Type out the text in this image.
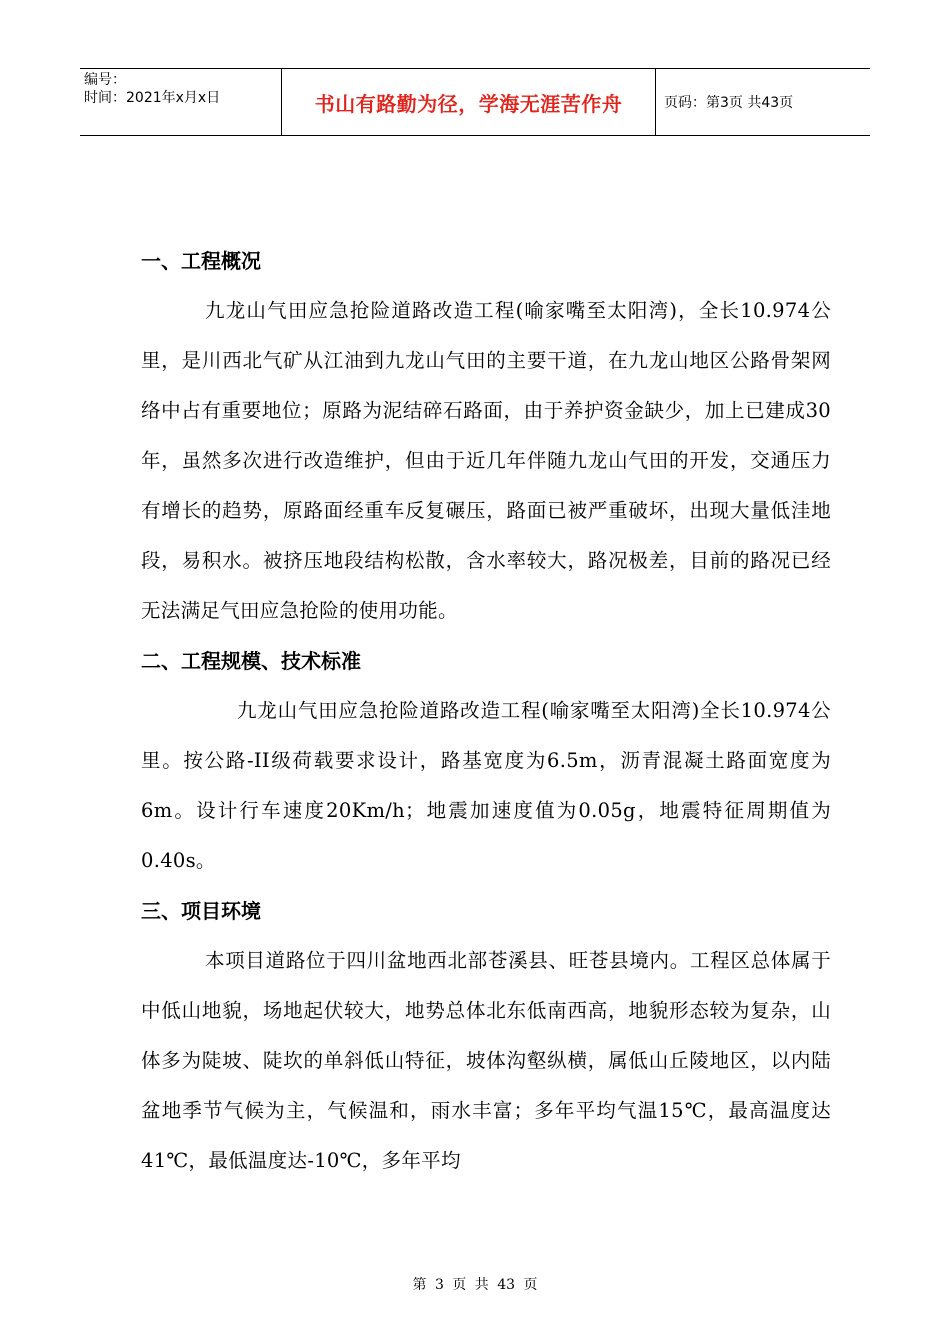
编号：
时间：2021年x月x日	书山有路勤为径，学海无涯苦作舟	页码：第3页 共43页
一、工程概况

九龙山气田应急抢险道路改造工程(喻家嘴至太阳湾)，全长10.974公里，是川西北气矿从江油到九龙山气田的主要干道，在九龙山地区公路骨架网络中占有重要地位；原路为泥结碎石路面，由于养护资金缺少，加上已建成30年，虽然多次进行改造维护，但由于近几年伴随九龙山气田的开发，交通压力有增长的趋势，原路面经重车反复碾压，路面已被严重破坏，出现大量低洼地段，易积水。被挤压地段结构松散，含水率较大，路况极差，目前的路况已经无法满足气田应急抢险的使用功能。

二、工程规模、技术标准

九龙山气田应急抢险道路改造工程(喻家嘴至太阳湾)全长10.974公里。按公路-II级荷载要求设计，路基宽度为6.5m，沥青混凝土路面宽度为6m。设计行车速度20Km/h；地震加速度值为0.05g，地震特征周期值为0.40s。

三、项目环境

本项目道路位于四川盆地西北部苍溪县、旺苍县境内。工程区总体属于中低山地貌，场地起伏较大，地势总体北东低南西高，地貌形态较为复杂，山体多为陡坡、陡坎的单斜低山特征，坡体沟壑纵横，属低山丘陵地区，以内陆盆地季节气候为主，气候温和，雨水丰富；多年平均气温15℃，最高温度达41℃，最低温度达-10℃，多年平均

第 3 页 共 43 页
